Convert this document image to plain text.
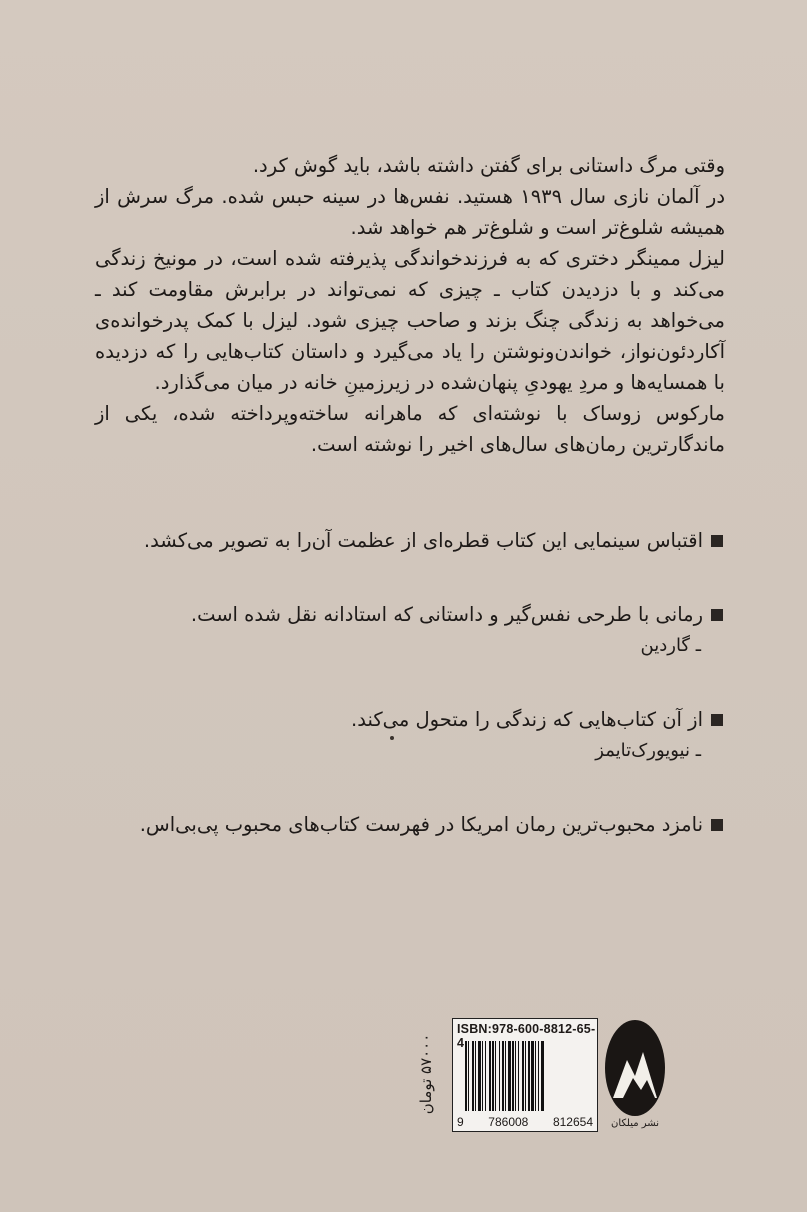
وقتی مرگ داستانی برای گفتن داشته باشد، باید گوش کرد.

در آلمان نازی سال ۱۹۳۹ هستید. نفس‌ها در سینه حبس شده. مرگ سرش از همیشه شلوغ‌تر است و شلوغ‌تر هم خواهد شد.

لیزل ممینگر دختری که به فرزندخواندگی پذیرفته شده است، در مونیخ زندگی می‌کند و با دزدیدن کتاب ـ چیزی که نمی‌تواند در برابرش مقاومت کند ـ می‌خواهد به زندگی چنگ بزند و صاحب چیزی شود. لیزل با کمک پدرخوانده‌ی آکاردئون‌نواز، خواندن‌ونوشتن را یاد می‌گیرد و داستان کتاب‌هایی را که دزدیده با همسایه‌ها و مردِ یهودیِ پنهان‌شده در زیرزمینِ خانه در میان می‌گذارد.

مارکوس زوساک با نوشته‌ای که ماهرانه ساخته‌وپرداخته شده، یکی از ماندگارترین رمان‌های سال‌های اخیر را نوشته است.

اقتباس سینمایی این کتاب قطره‌ای از عظمت آن‌را به تصویر می‌کشد.
رمانی با طرحی نفس‌گیر و داستانی که استادانه نقل شده است.
ـ گاردین
از آن کتاب‌هایی که زندگی را متحول می‌کند.
ـ نیویورک‌تایمز
نامزد محبوب‌ترین رمان امریکا در فهرست کتاب‌های محبوب پی‌بی‌اس.
۵۷۰۰۰ تومان
ISBN:978-600-8812-65-4
9 786008 812654	نشر میلکان
